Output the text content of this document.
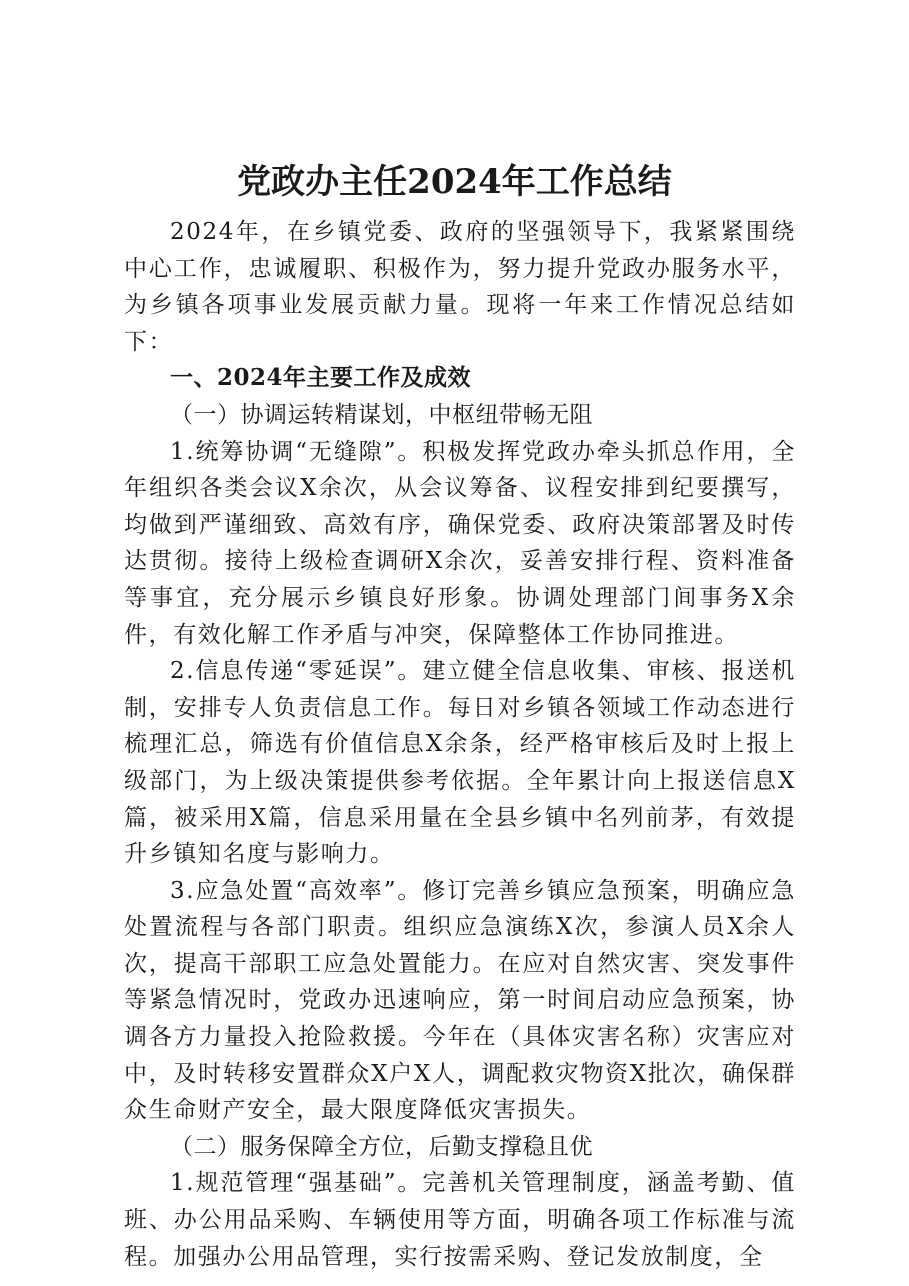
党政办主任2024年工作总结

2024年，在乡镇党委、政府的坚强领导下，我紧紧围绕中心工作，忠诚履职、积极作为，努力提升党政办服务水平，为乡镇各项事业发展贡献力量。现将一年来工作情况总结如下：

一、2024年主要工作及成效

（一）协调运转精谋划，中枢纽带畅无阻

1.统筹协调“无缝隙”。积极发挥党政办牵头抓总作用，全年组织各类会议X余次，从会议筹备、议程安排到纪要撰写，均做到严谨细致、高效有序，确保党委、政府决策部署及时传达贯彻。接待上级检查调研X余次，妥善安排行程、资料准备等事宜，充分展示乡镇良好形象。协调处理部门间事务X余件，有效化解工作矛盾与冲突，保障整体工作协同推进。

2.信息传递“零延误”。建立健全信息收集、审核、报送机制，安排专人负责信息工作。每日对乡镇各领域工作动态进行梳理汇总，筛选有价值信息X余条，经严格审核后及时上报上级部门，为上级决策提供参考依据。全年累计向上报送信息X篇，被采用X篇，信息采用量在全县乡镇中名列前茅，有效提升乡镇知名度与影响力。

3.应急处置“高效率”。修订完善乡镇应急预案，明确应急处置流程与各部门职责。组织应急演练X次，参演人员X余人次，提高干部职工应急处置能力。在应对自然灾害、突发事件等紧急情况时，党政办迅速响应，第一时间启动应急预案，协调各方力量投入抢险救援。今年在（具体灾害名称）灾害应对中，及时转移安置群众X户X人，调配救灾物资X批次，确保群众生命财产安全，最大限度降低灾害损失。

（二）服务保障全方位，后勤支撑稳且优

1.规范管理“强基础”。完善机关管理制度，涵盖考勤、值班、办公用品采购、车辆使用等方面，明确各项工作标准与流程。加强办公用品管理，实行按需采购、登记发放制度，全
